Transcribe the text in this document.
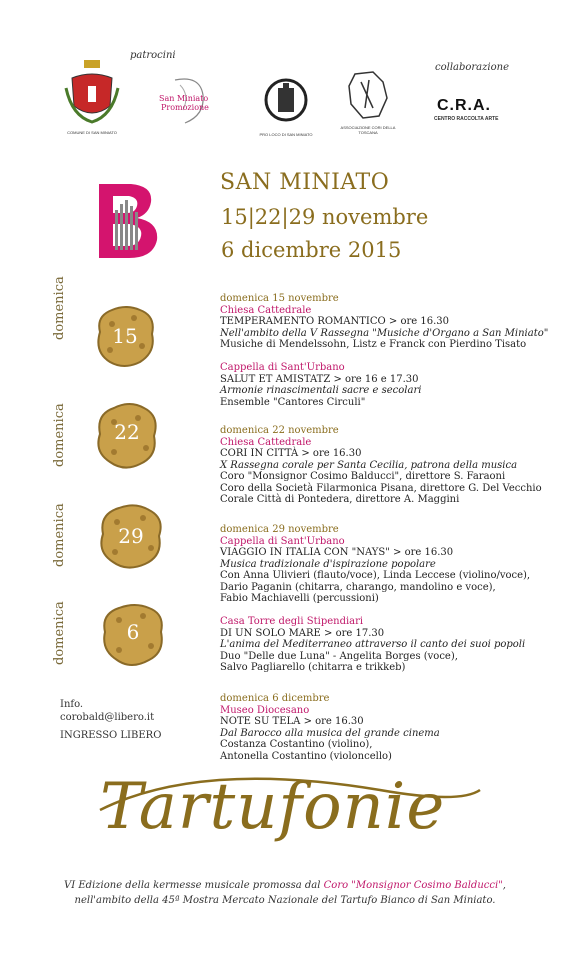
COMUNE DI SAN MINIATO
patrocini
San Miniato
Promozione
PRO LOCO DI SAN MINIATO
ASSOCIAZIONE CORI DELLA TOSCANA
collaborazione
C.R.A.
CENTRO RACCOLTA ARTE
SAN MINIATO
15|22|29 novembre
6 dicembre 2015
domenica
domenica
domenica
domenica
15
22
29
6
domenica 15 novembre
Chiesa Cattedrale
TEMPERAMENTO ROMANTICO > ore 16.30
Nell'ambito della V Rassegna "Musiche d'Organo a San Miniato"
Musiche di Mendelssohn, Listz e Franck con Pierdino Tisato
Cappella di Sant'Urbano
SALUT ET AMISTATZ > ore 16 e 17.30
Armonie rinascimentali sacre e secolari
Ensemble "Cantores Circuli"
domenica 22 novembre
Chiesa Cattedrale
CORI IN CITTÀ > ore 16.30
X Rassegna corale per Santa Cecilia, patrona della musica
Coro "Monsignor Cosimo Balducci", direttore S. Faraoni
Coro della Società Filarmonica Pisana, direttore G. Del Vecchio
Corale Città di Pontedera, direttore A. Maggini
domenica 29 novembre
Cappella di Sant'Urbano
VIAGGIO IN ITALIA CON "NAYS" > ore 16.30
Musica tradizionale d'ispirazione popolare
Con Anna Ulivieri (flauto/voce), Linda Leccese (violino/voce),
Dario Paganin (chitarra, charango, mandolino e voce),
Fabio Machiavelli (percussioni)
Casa Torre degli Stipendiari
DI UN SOLO MARE > ore 17.30
L'anima del Mediterraneo attraverso il canto dei suoi popoli
Duo "Delle due Luna" - Angelita Borges (voce),
Salvo Pagliarello (chitarra e trikkeb)
domenica 6 dicembre
Museo Diocesano
NOTE SU TELA > ore 16.30
Dal Barocco alla musica del grande cinema
Costanza Costantino (violino),
Antonella Costantino (violoncello)
Info.
corobald@libero.it
INGRESSO LIBERO
Tartufonie
VI Edizione della kermesse musicale promossa dal Coro "Monsignor Cosimo Balducci",
nell'ambito della 45ª Mostra Mercato Nazionale del Tartufo Bianco di San Miniato.
